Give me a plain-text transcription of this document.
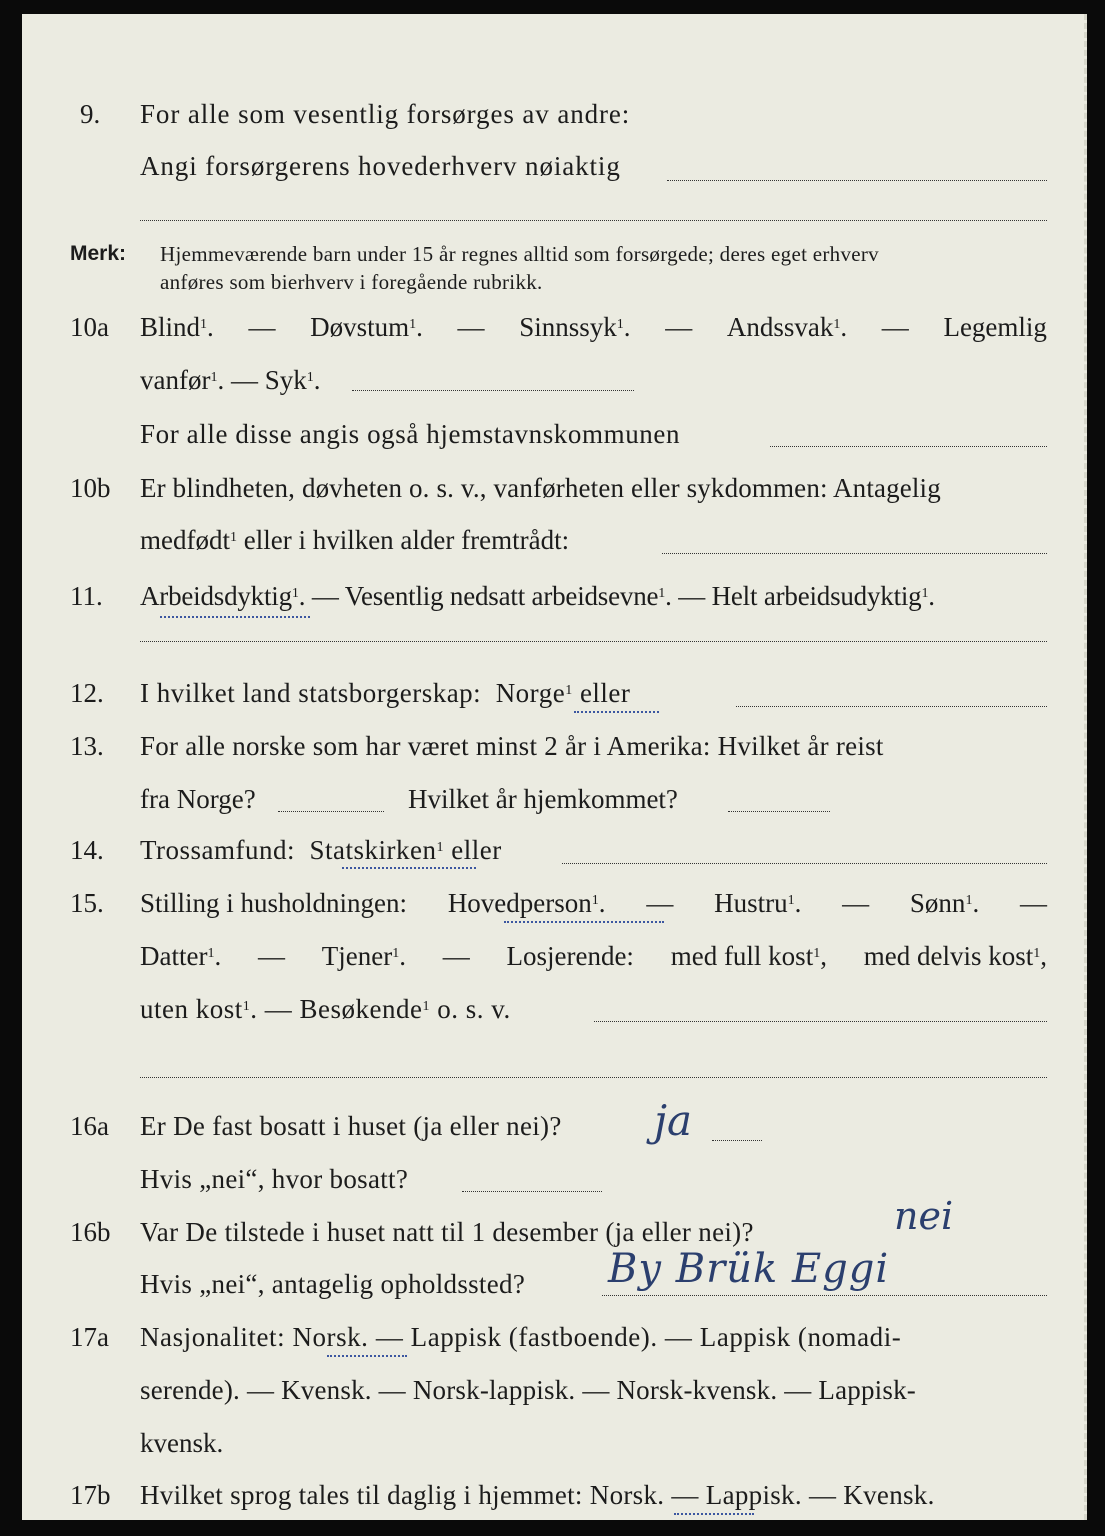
9. For alle som vesentlig forsørges av andre:
Angi forsørgerens hovederhverv nøiaktig
Merk: Hjemmeværende barn under 15 år regnes alltid som forsørgede; deres eget erhverv
anføres som bierhverv i foregående rubrikk.
10a Blind$^1$. — Døvstum$^1$. — Sinnssyk$^1$. — Andssvak$^1$. — Legemlig
vanfør$^1$. — Syk$^1$.
For alle disse angis også hjemstavnskommunen
10b Er blindheten, døvheten o. s. v., vanførheten eller sykdommen: Antagelig
medfødt$^1$ eller i hvilken alder fremtrådt:
11. Arbeidsdyktig$^1$. — Vesentlig nedsatt arbeidsevne$^1$. — Helt arbeidsudyktig$^1$.
12. I hvilket land statsborgerskap: Norge$^1$ eller
13. For alle norske som har været minst 2 år i Amerika: Hvilket år reist
fra Norge?	Hvilket år hjemkommet?
14. Trossamfund: Statskirken$^1$ eller
15. Stilling i husholdningen: Hovedperson$^1$. — Hustru$^1$. — Sønn$^1$. —
Datter$^1$. — Tjener$^1$. — Losjerende: med full kost$^1$, med delvis kost$^1$,
uten kost$^1$. — Besøkende$^1$ o. s. v.
16a Er De fast bosatt i huset (ja eller nei)? ja
Hvis „nei“, hvor bosatt?
16b Var De tilstede i huset natt til 1 desember (ja eller nei)?	nei
Hvis „nei“, antagelig opholdssted? By Brük Eggi
17a Nasjonalitet: Norsk. — Lappisk (fastboende). — Lappisk (nomadi-
serende). — Kvensk. — Norsk-lappisk. — Norsk-kvensk. — Lappisk-
kvensk.
17b Hvilket sprog tales til daglig i hjemmet: Norsk. — Lappisk. — Kvensk.
